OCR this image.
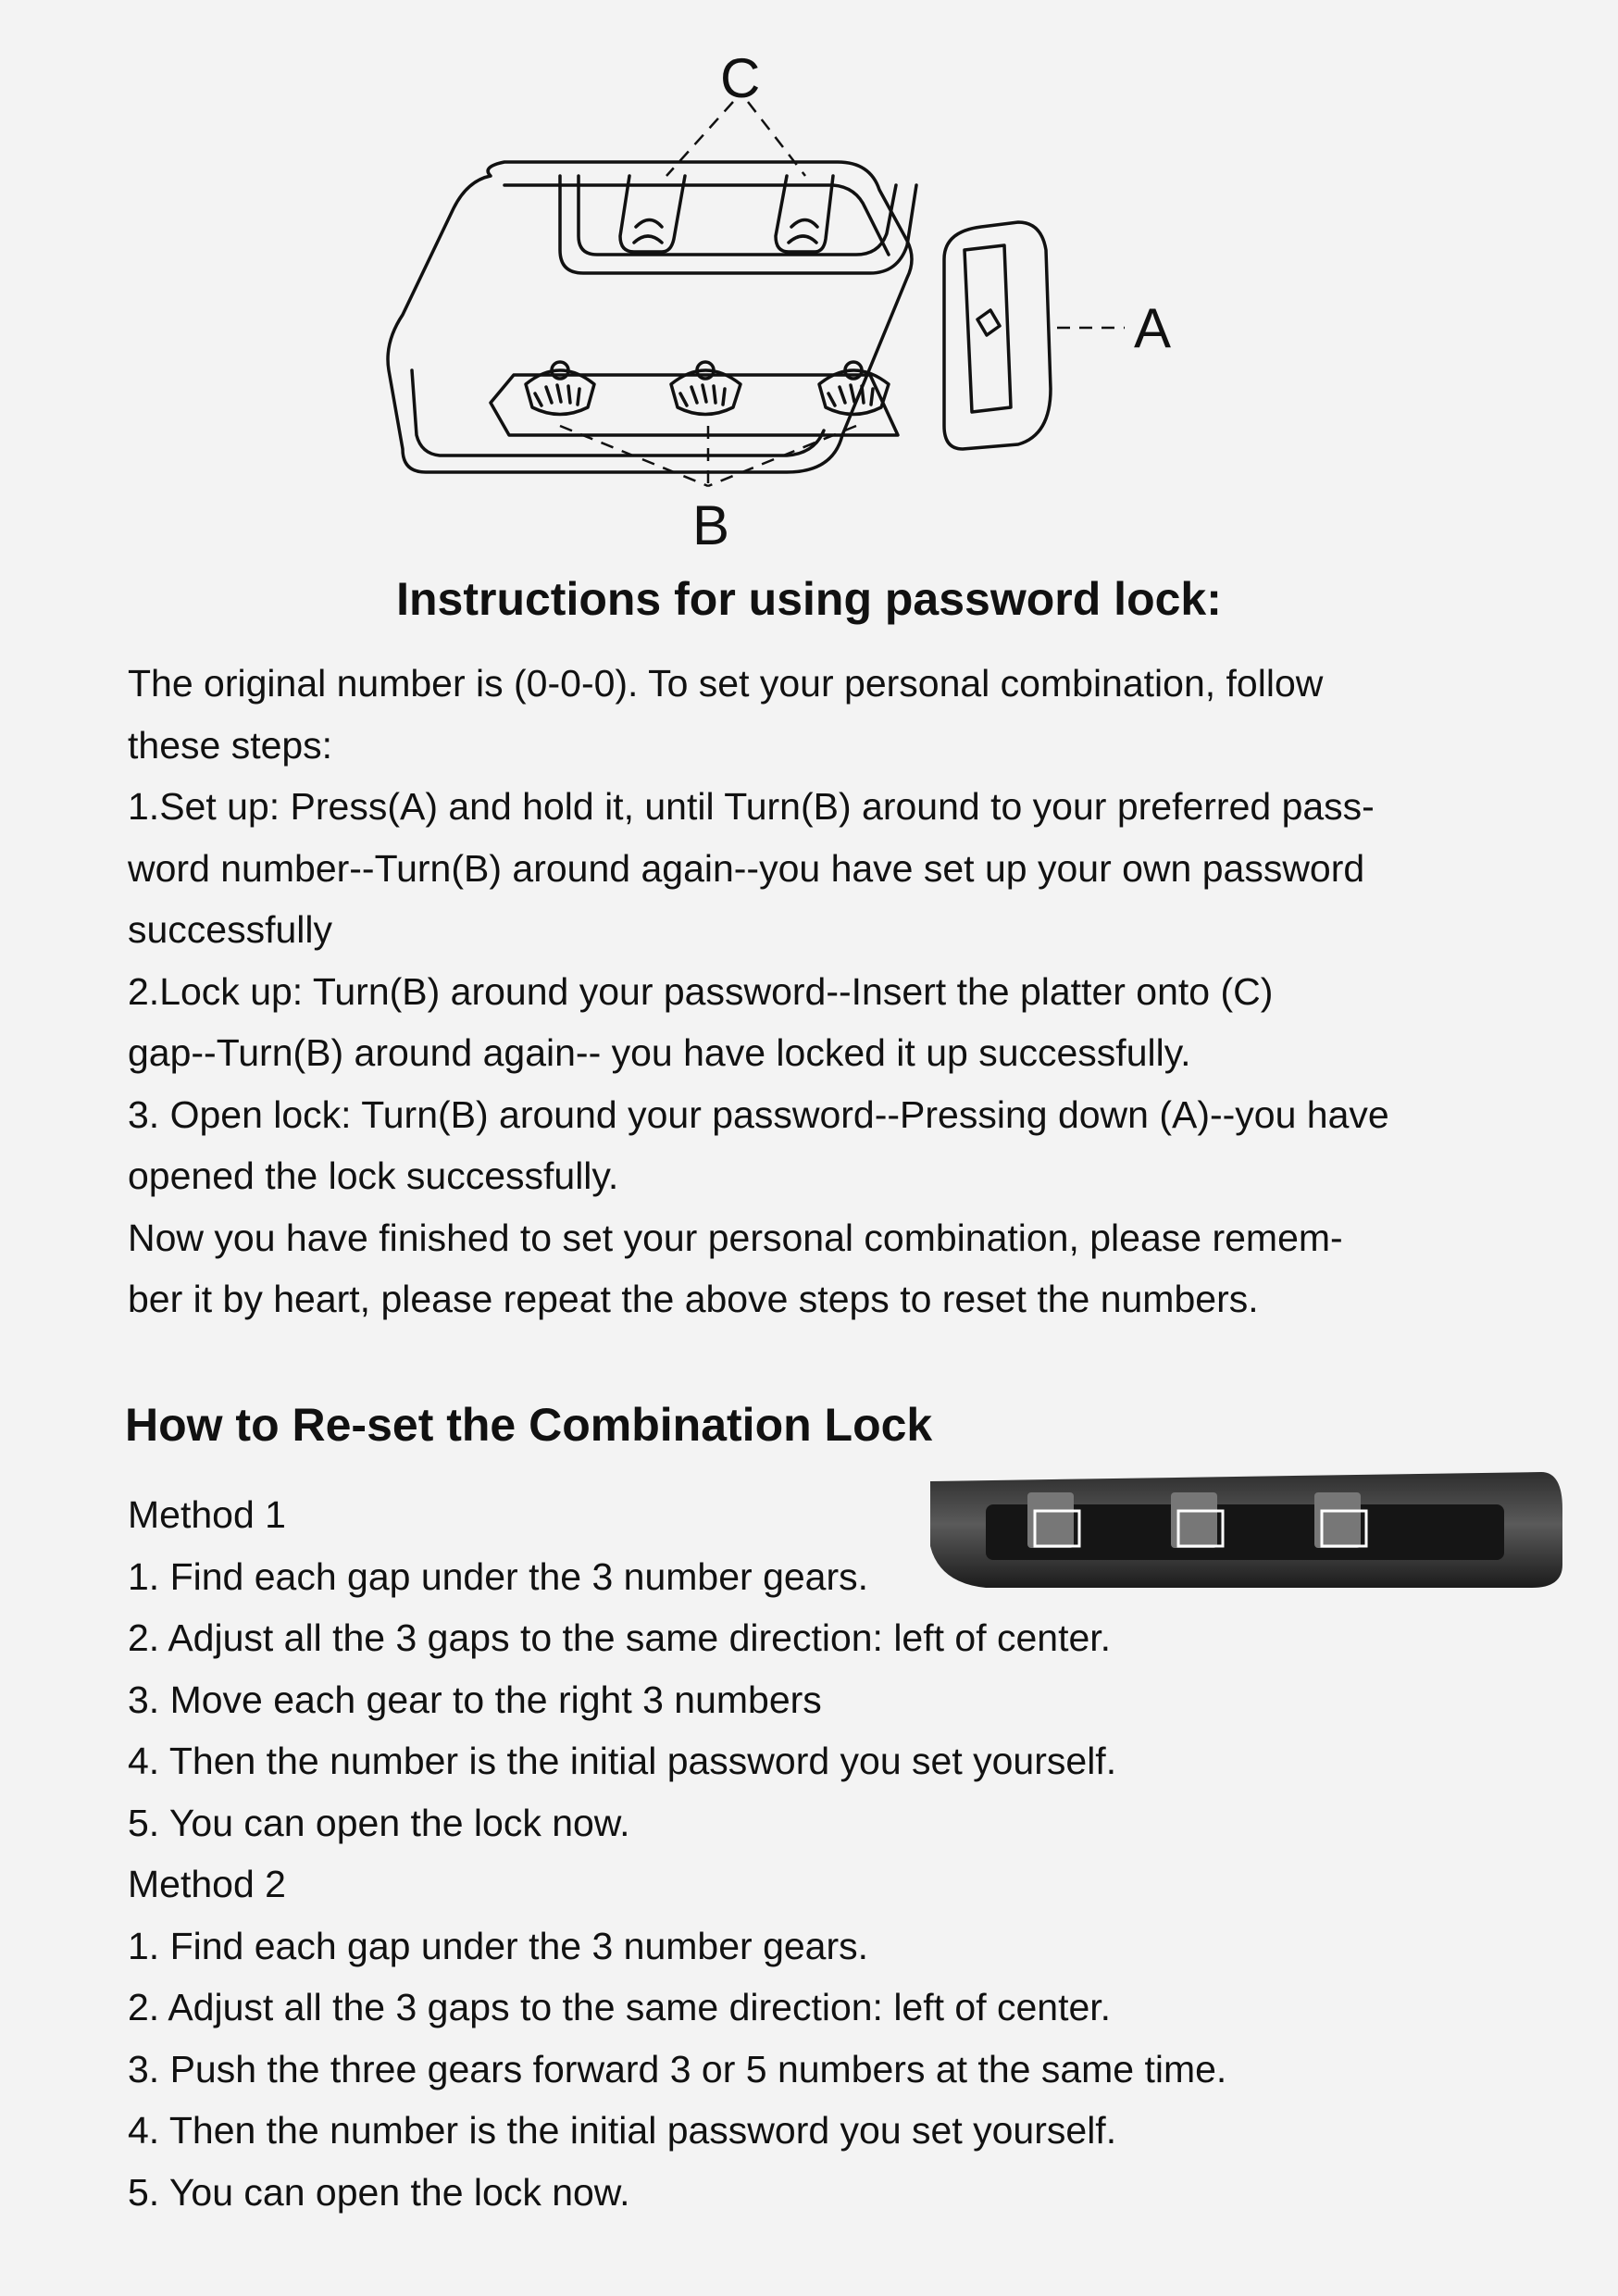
C
A
B
Instructions for using password lock:

The original number is (0-0-0). To set your personal combination, follow

these steps:

1.Set up: Press(A) and hold it, until Turn(B) around to your preferred pass-

word number--Turn(B) around again--you have set up your own password

successfully

2.Lock up: Turn(B) around your password--Insert the platter onto (C)

gap--Turn(B) around again-- you have locked it up successfully.

3. Open lock: Turn(B) around your password--Pressing down (A)--you have

opened the lock successfully.

Now you have finished to set your personal combination, please remem-

ber it by heart, please repeat the above steps to reset the numbers.

How to Re-set the Combination Lock

Method 1

1. Find each gap under the 3 number gears.

2. Adjust all the 3 gaps to the same direction: left of center.

3. Move each gear to the right 3 numbers

4. Then the number is the initial password you set yourself.

5. You can open the lock now.

Method 2

1. Find each gap under the 3 number gears.

2. Adjust all the 3 gaps to the same direction: left of center.

3. Push the three gears forward 3 or 5 numbers at the same time.

4. Then the number is the initial password you set yourself.

5. You can open the lock now.
